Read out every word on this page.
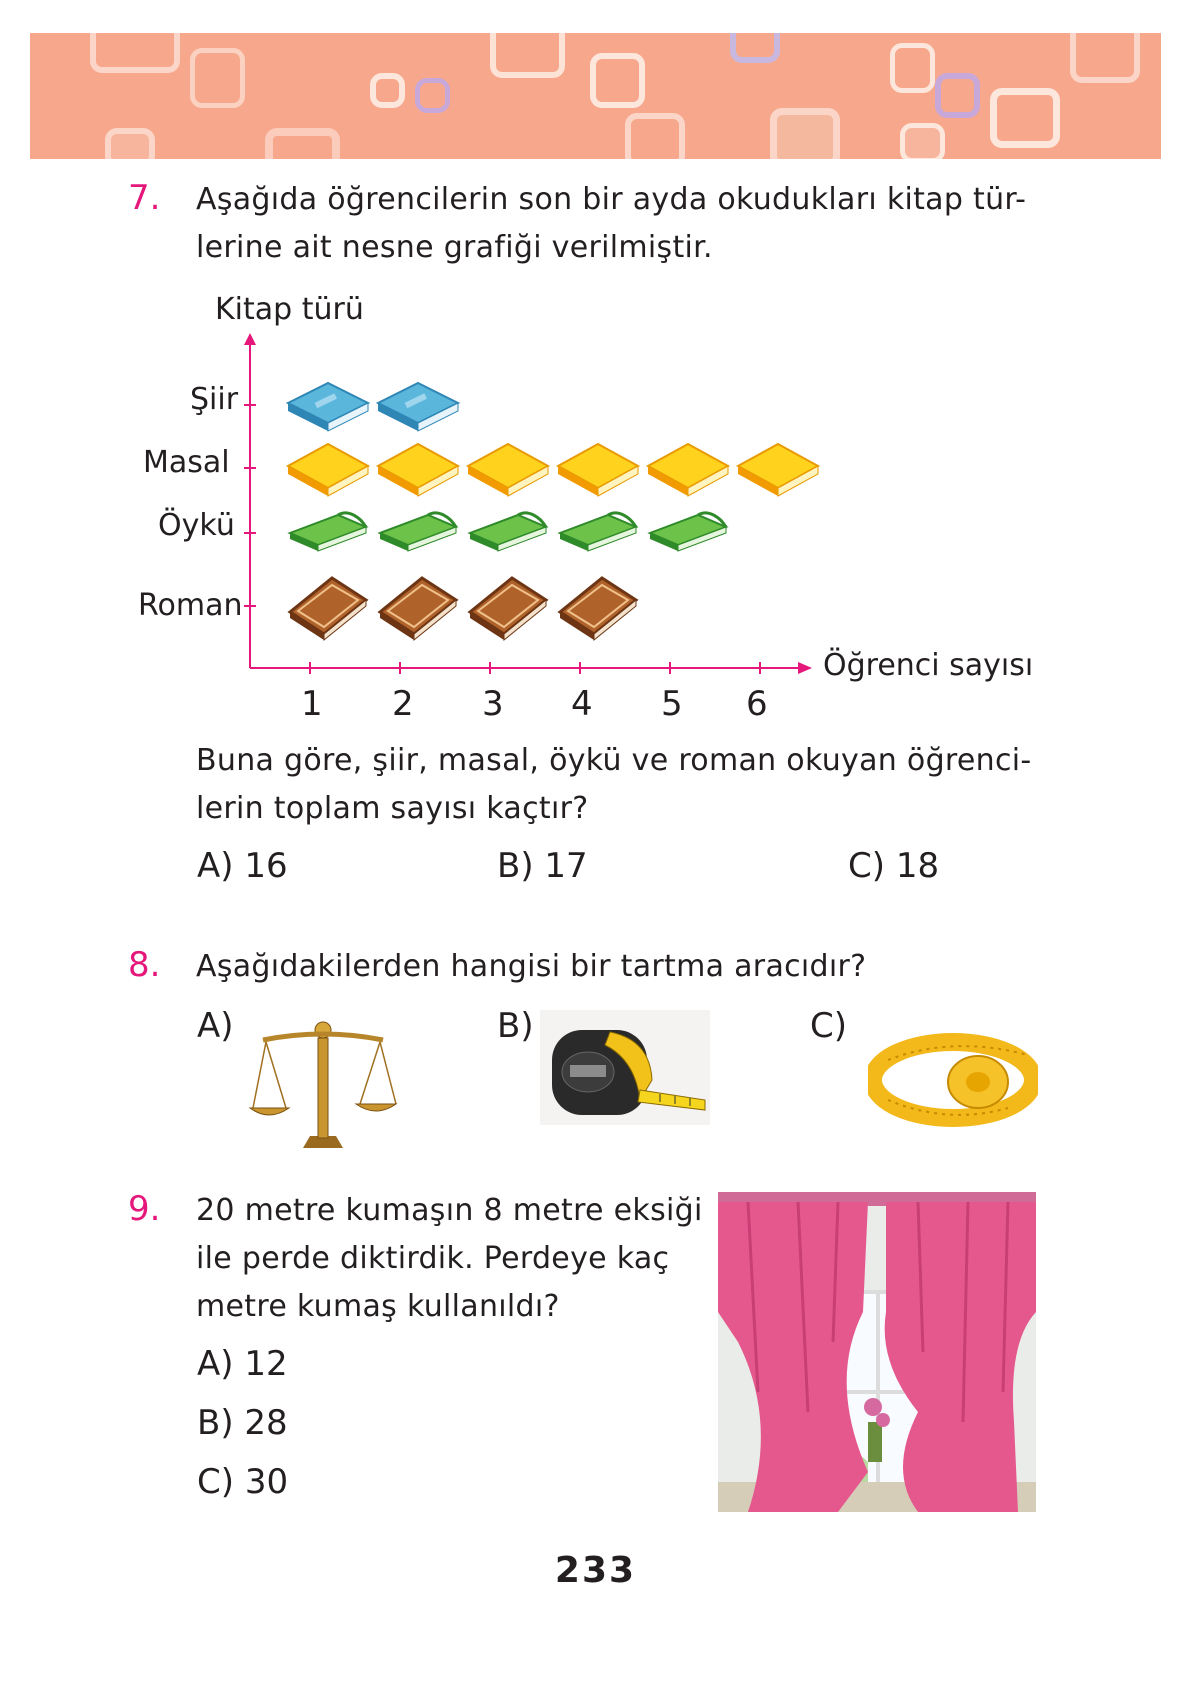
7. Aşağıda öğrencilerin son bir ayda okudukları kitap tür-
lerine ait nesne grafiği verilmiştir.
Kitap türü
Öğrenci sayısı
Şiir
Masal
Öykü
Roman
1 2 3 4 5 6
Buna göre, şiir, masal, öykü ve roman okuyan öğrenci-
lerin toplam sayısı kaçtır?
A) 16	B) 17	C) 18
8. Aşağıdakilerden hangisi bir tartma aracıdır?
A)	B)	C)
9. 20 metre kumaşın 8 metre eksiği
ile perde diktirdik. Perdeye kaç
metre kumaş kullanıldı?
A) 12
B) 28
C) 30
233
